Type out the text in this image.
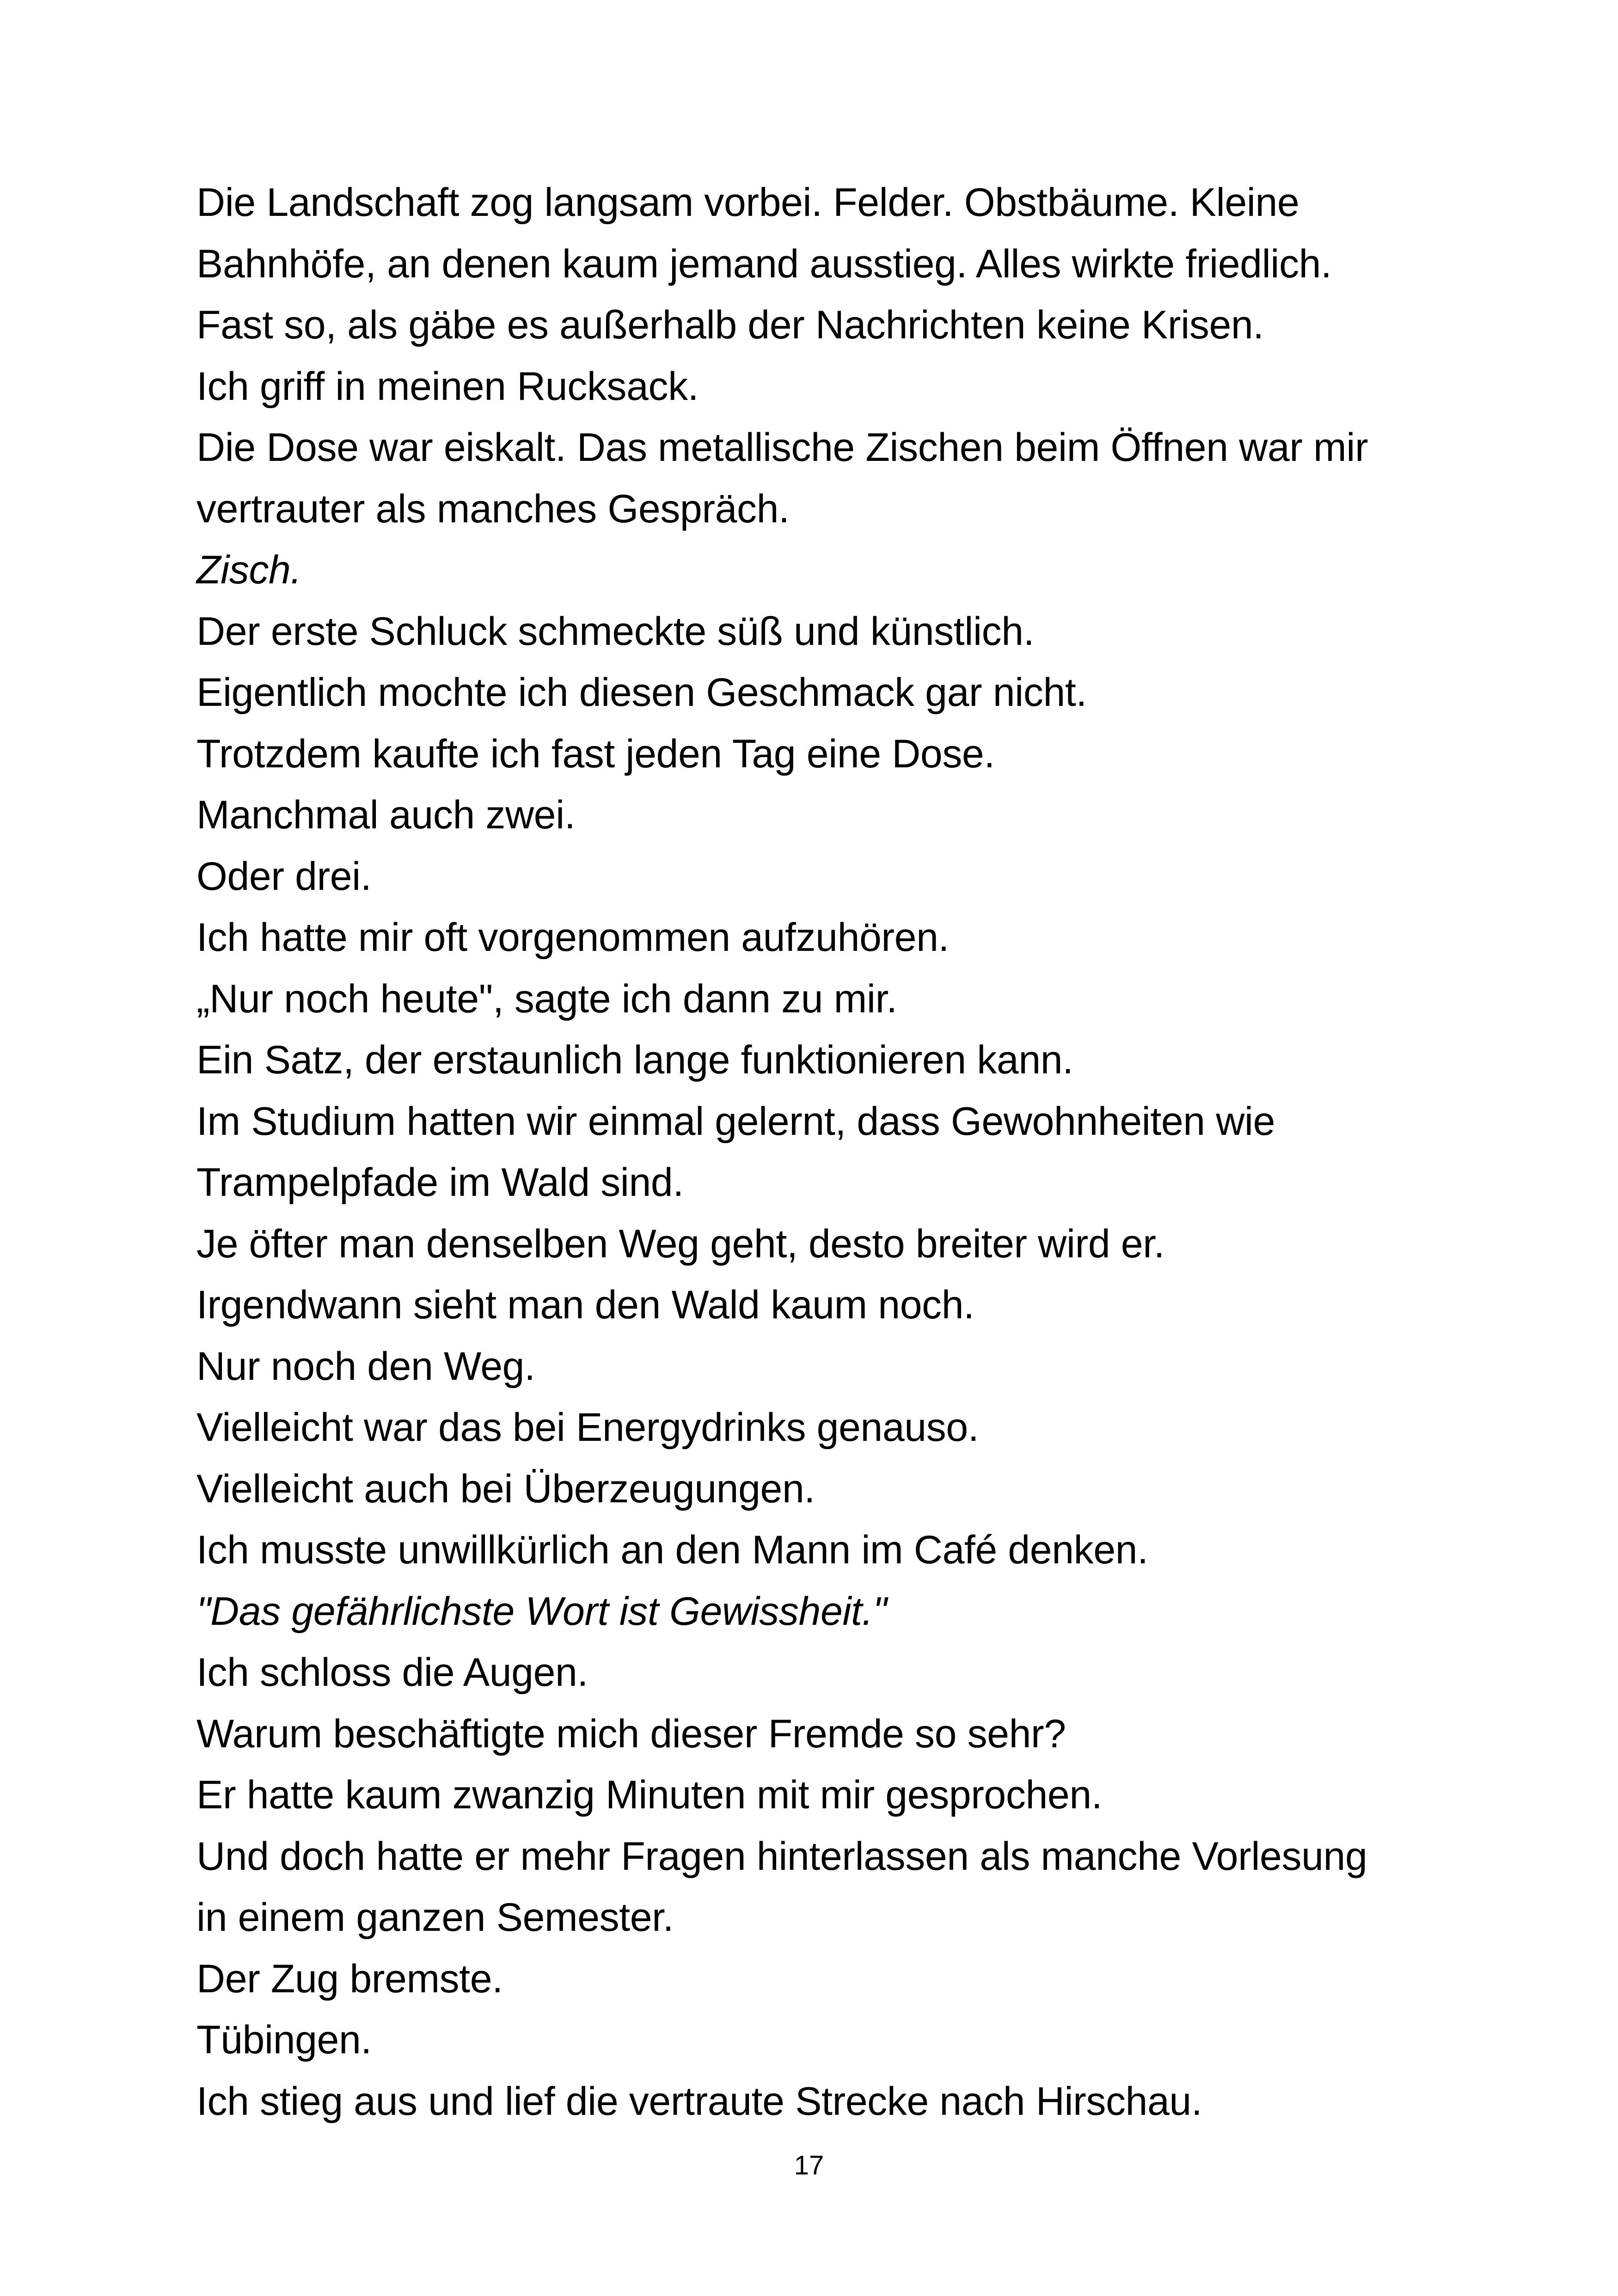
Die Landschaft zog langsam vorbei. Felder. Obstbäume. Kleine
Bahnhöfe, an denen kaum jemand ausstieg. Alles wirkte friedlich.
Fast so, als gäbe es außerhalb der Nachrichten keine Krisen.
Ich griff in meinen Rucksack.
Die Dose war eiskalt. Das metallische Zischen beim Öffnen war mir
vertrauter als manches Gespräch.
Zisch.
Der erste Schluck schmeckte süß und künstlich.
Eigentlich mochte ich diesen Geschmack gar nicht.
Trotzdem kaufte ich fast jeden Tag eine Dose.
Manchmal auch zwei.
Oder drei.
Ich hatte mir oft vorgenommen aufzuhören.
„Nur noch heute", sagte ich dann zu mir.
Ein Satz, der erstaunlich lange funktionieren kann.
Im Studium hatten wir einmal gelernt, dass Gewohnheiten wie
Trampelpfade im Wald sind.
Je öfter man denselben Weg geht, desto breiter wird er.
Irgendwann sieht man den Wald kaum noch.
Nur noch den Weg.
Vielleicht war das bei Energydrinks genauso.
Vielleicht auch bei Überzeugungen.
Ich musste unwillkürlich an den Mann im Café denken.
"Das gefährlichste Wort ist Gewissheit."
Ich schloss die Augen.
Warum beschäftigte mich dieser Fremde so sehr?
Er hatte kaum zwanzig Minuten mit mir gesprochen.
Und doch hatte er mehr Fragen hinterlassen als manche Vorlesung
in einem ganzen Semester.
Der Zug bremste.
Tübingen.
Ich stieg aus und lief die vertraute Strecke nach Hirschau.
17
